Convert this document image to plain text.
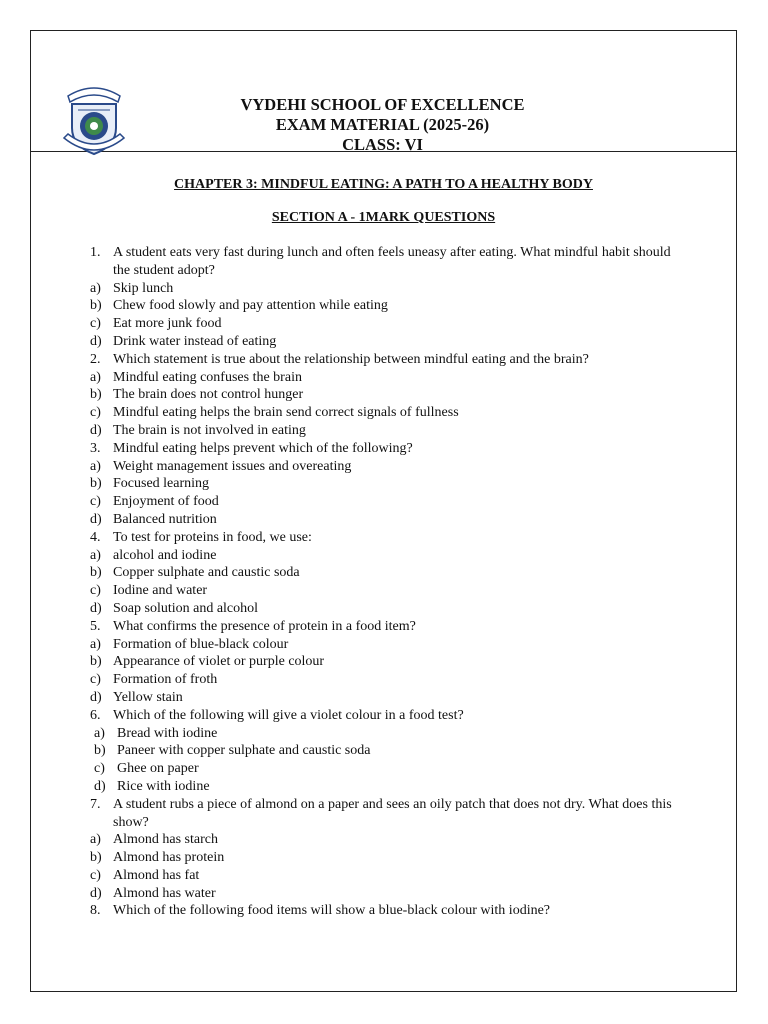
VYDEHI SCHOOL OF EXCELLENCE
EXAM MATERIAL (2025-26)
CLASS: VI
CHAPTER 3: MINDFUL EATING: A PATH TO A HEALTHY BODY
SECTION A - 1MARK QUESTIONS
1. A student eats very fast during lunch and often feels uneasy after eating. What mindful habit should the student adopt?
a) Skip lunch
b) Chew food slowly and pay attention while eating
c) Eat more junk food
d) Drink water instead of eating
2. Which statement is true about the relationship between mindful eating and the brain?
a) Mindful eating confuses the brain
b) The brain does not control hunger
c) Mindful eating helps the brain send correct signals of fullness
d) The brain is not involved in eating
3. Mindful eating helps prevent which of the following?
a) Weight management issues and overeating
b) Focused learning
c) Enjoyment of food
d) Balanced nutrition
4. To test for proteins in food, we use:
a) alcohol and iodine
b) Copper sulphate and caustic soda
c) Iodine and water
d) Soap solution and alcohol
5. What confirms the presence of protein in a food item?
a) Formation of blue-black colour
b) Appearance of violet or purple colour
c) Formation of froth
d) Yellow stain
6. Which of the following will give a violet colour in a food test?
a) Bread with iodine
b) Paneer with copper sulphate and caustic soda
c) Ghee on paper
d) Rice with iodine
7. A student rubs a piece of almond on a paper and sees an oily patch that does not dry. What does this show?
a) Almond has starch
b) Almond has protein
c) Almond has fat
d) Almond has water
8. Which of the following food items will show a blue-black colour with iodine?
